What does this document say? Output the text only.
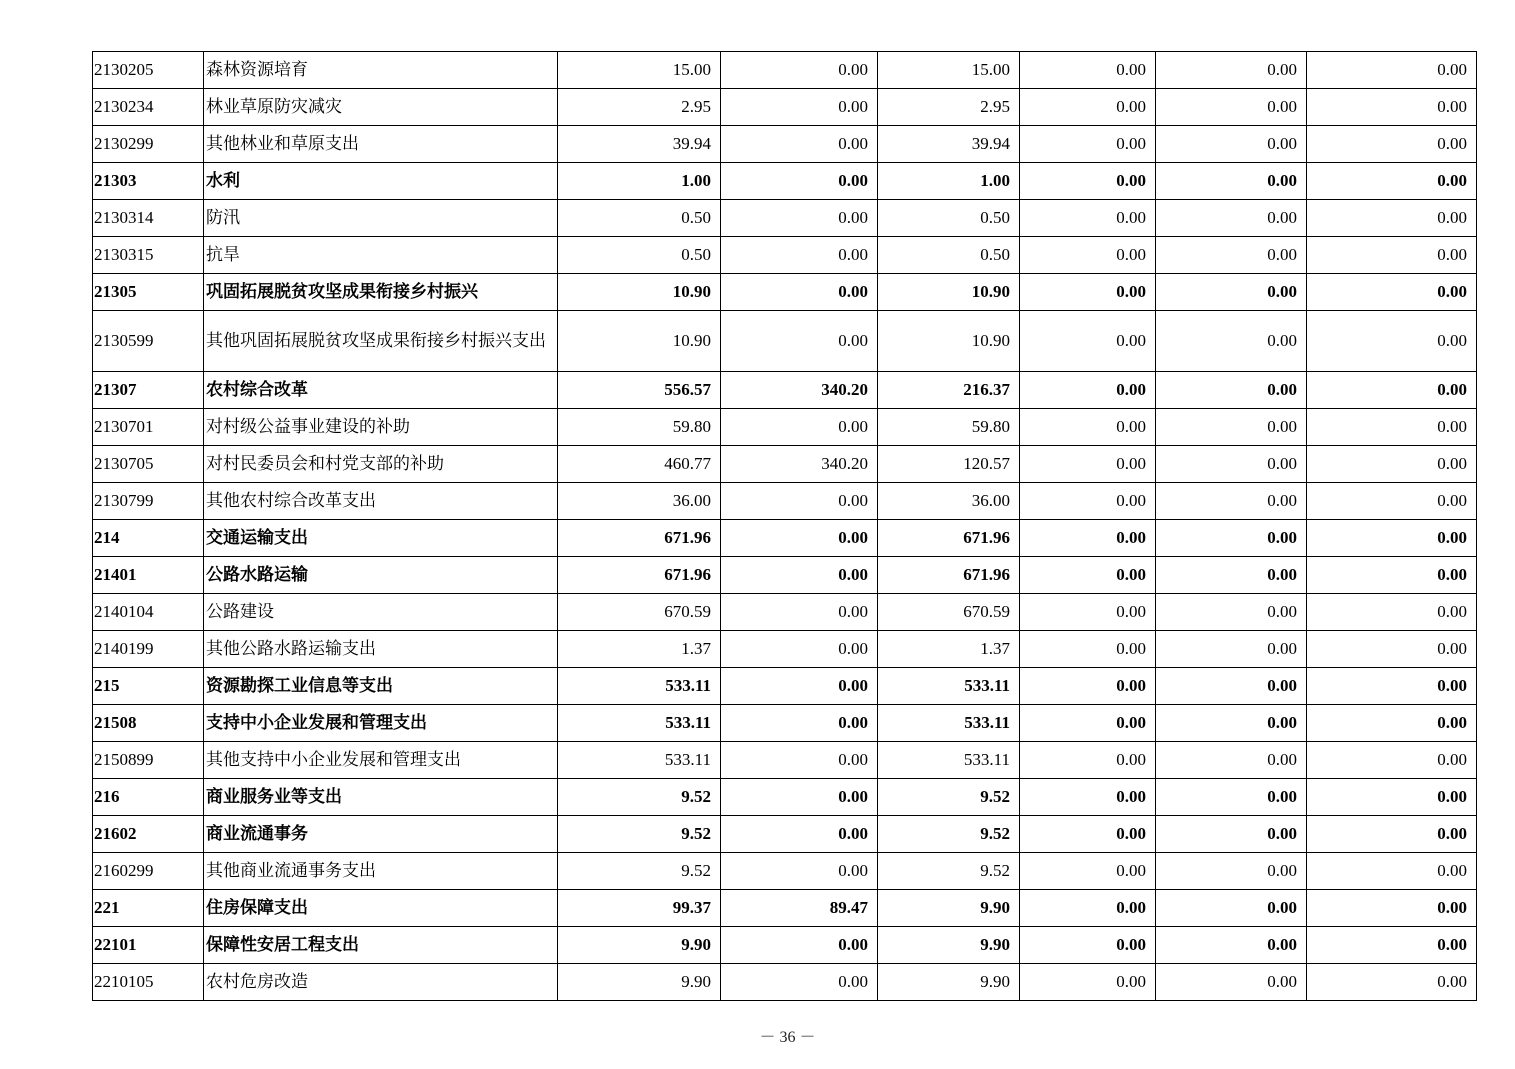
2130205	森林资源培育	15.00	0.00	15.00	0.00	0.00	0.00
2130234	林业草原防灾减灾	2.95	0.00	2.95	0.00	0.00	0.00
2130299	其他林业和草原支出	39.94	0.00	39.94	0.00	0.00	0.00
21303	水利	1.00	0.00	1.00	0.00	0.00	0.00
2130314	防汛	0.50	0.00	0.50	0.00	0.00	0.00
2130315	抗旱	0.50	0.00	0.50	0.00	0.00	0.00
21305	巩固拓展脱贫攻坚成果衔接乡村振兴	10.90	0.00	10.90	0.00	0.00	0.00
2130599	其他巩固拓展脱贫攻坚成果衔接乡村振兴支出	10.90	0.00	10.90	0.00	0.00	0.00
21307	农村综合改革	556.57	340.20	216.37	0.00	0.00	0.00
2130701	对村级公益事业建设的补助	59.80	0.00	59.80	0.00	0.00	0.00
2130705	对村民委员会和村党支部的补助	460.77	340.20	120.57	0.00	0.00	0.00
2130799	其他农村综合改革支出	36.00	0.00	36.00	0.00	0.00	0.00
214	交通运输支出	671.96	0.00	671.96	0.00	0.00	0.00
21401	公路水路运输	671.96	0.00	671.96	0.00	0.00	0.00
2140104	公路建设	670.59	0.00	670.59	0.00	0.00	0.00
2140199	其他公路水路运输支出	1.37	0.00	1.37	0.00	0.00	0.00
215	资源勘探工业信息等支出	533.11	0.00	533.11	0.00	0.00	0.00
21508	支持中小企业发展和管理支出	533.11	0.00	533.11	0.00	0.00	0.00
2150899	其他支持中小企业发展和管理支出	533.11	0.00	533.11	0.00	0.00	0.00
216	商业服务业等支出	9.52	0.00	9.52	0.00	0.00	0.00
21602	商业流通事务	9.52	0.00	9.52	0.00	0.00	0.00
2160299	其他商业流通事务支出	9.52	0.00	9.52	0.00	0.00	0.00
221	住房保障支出	99.37	89.47	9.90	0.00	0.00	0.00
22101	保障性安居工程支出	9.90	0.00	9.90	0.00	0.00	0.00
2210105	农村危房改造	9.90	0.00	9.90	0.00	0.00	0.00
－ 36 －
